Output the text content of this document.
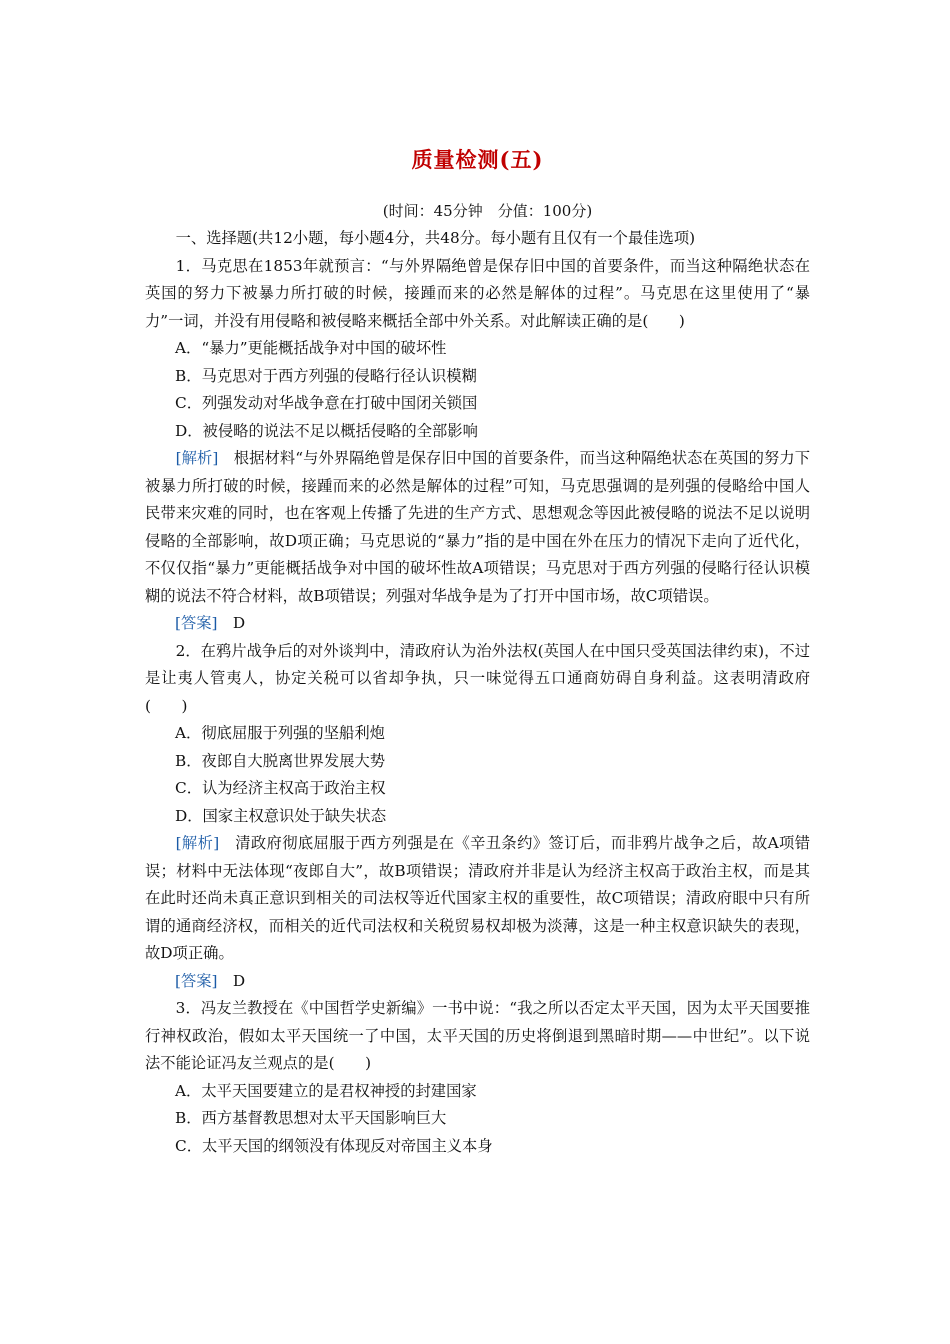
质量检测(五)
(时间：45分钟　分值：100分)

一、选择题(共12小题，每小题4分，共48分。每小题有且仅有一个最佳选项)

1．马克思在1853年就预言：“与外界隔绝曾是保存旧中国的首要条件，而当这种隔绝状态在英国的努力下被暴力所打破的时候，接踵而来的必然是解体的过程”。马克思在这里使用了“暴力”一词，并没有用侵略和被侵略来概括全部中外关系。对此解读正确的是(　　)

A．“暴力”更能概括战争对中国的破坏性
B．马克思对于西方列强的侵略行径认识模糊
C．列强发动对华战争意在打破中国闭关锁国
D．被侵略的说法不足以概括侵略的全部影响

[解析]　根据材料“与外界隔绝曾是保存旧中国的首要条件，而当这种隔绝状态在英国的努力下被暴力所打破的时候，接踵而来的必然是解体的过程”可知，马克思强调的是列强的侵略给中国人民带来灾难的同时，也在客观上传播了先进的生产方式、思想观念等因此被侵略的说法不足以说明侵略的全部影响，故D项正确；马克思说的“暴力”指的是中国在外在压力的情况下走向了近代化，不仅仅指“暴力”更能概括战争对中国的破坏性故A项错误；马克思对于西方列强的侵略行径认识模糊的说法不符合材料，故B项错误；列强对华战争是为了打开中国市场，故C项错误。

[答案]　D

2．在鸦片战争后的对外谈判中，清政府认为治外法权(英国人在中国只受英国法律约束)，不过是让夷人管夷人，协定关税可以省却争执，只一味觉得五口通商妨碍自身利益。这表明清政府(　　)

A．彻底屈服于列强的坚船利炮
B．夜郎自大脱离世界发展大势
C．认为经济主权高于政治主权
D．国家主权意识处于缺失状态

[解析]　清政府彻底屈服于西方列强是在《辛丑条约》签订后，而非鸦片战争之后，故A项错误；材料中无法体现“夜郎自大”，故B项错误；清政府并非是认为经济主权高于政治主权，而是其在此时还尚未真正意识到相关的司法权等近代国家主权的重要性，故C项错误；清政府眼中只有所谓的通商经济权，而相关的近代司法权和关税贸易权却极为淡薄，这是一种主权意识缺失的表现，故D项正确。

[答案]　D

3．冯友兰教授在《中国哲学史新编》一书中说：“我之所以否定太平天国，因为太平天国要推行神权政治，假如太平天国统一了中国，太平天国的历史将倒退到黑暗时期——中世纪”。以下说法不能论证冯友兰观点的是(　　)

A．太平天国要建立的是君权神授的封建国家
B．西方基督教思想对太平天国影响巨大
C．太平天国的纲领没有体现反对帝国主义本身
